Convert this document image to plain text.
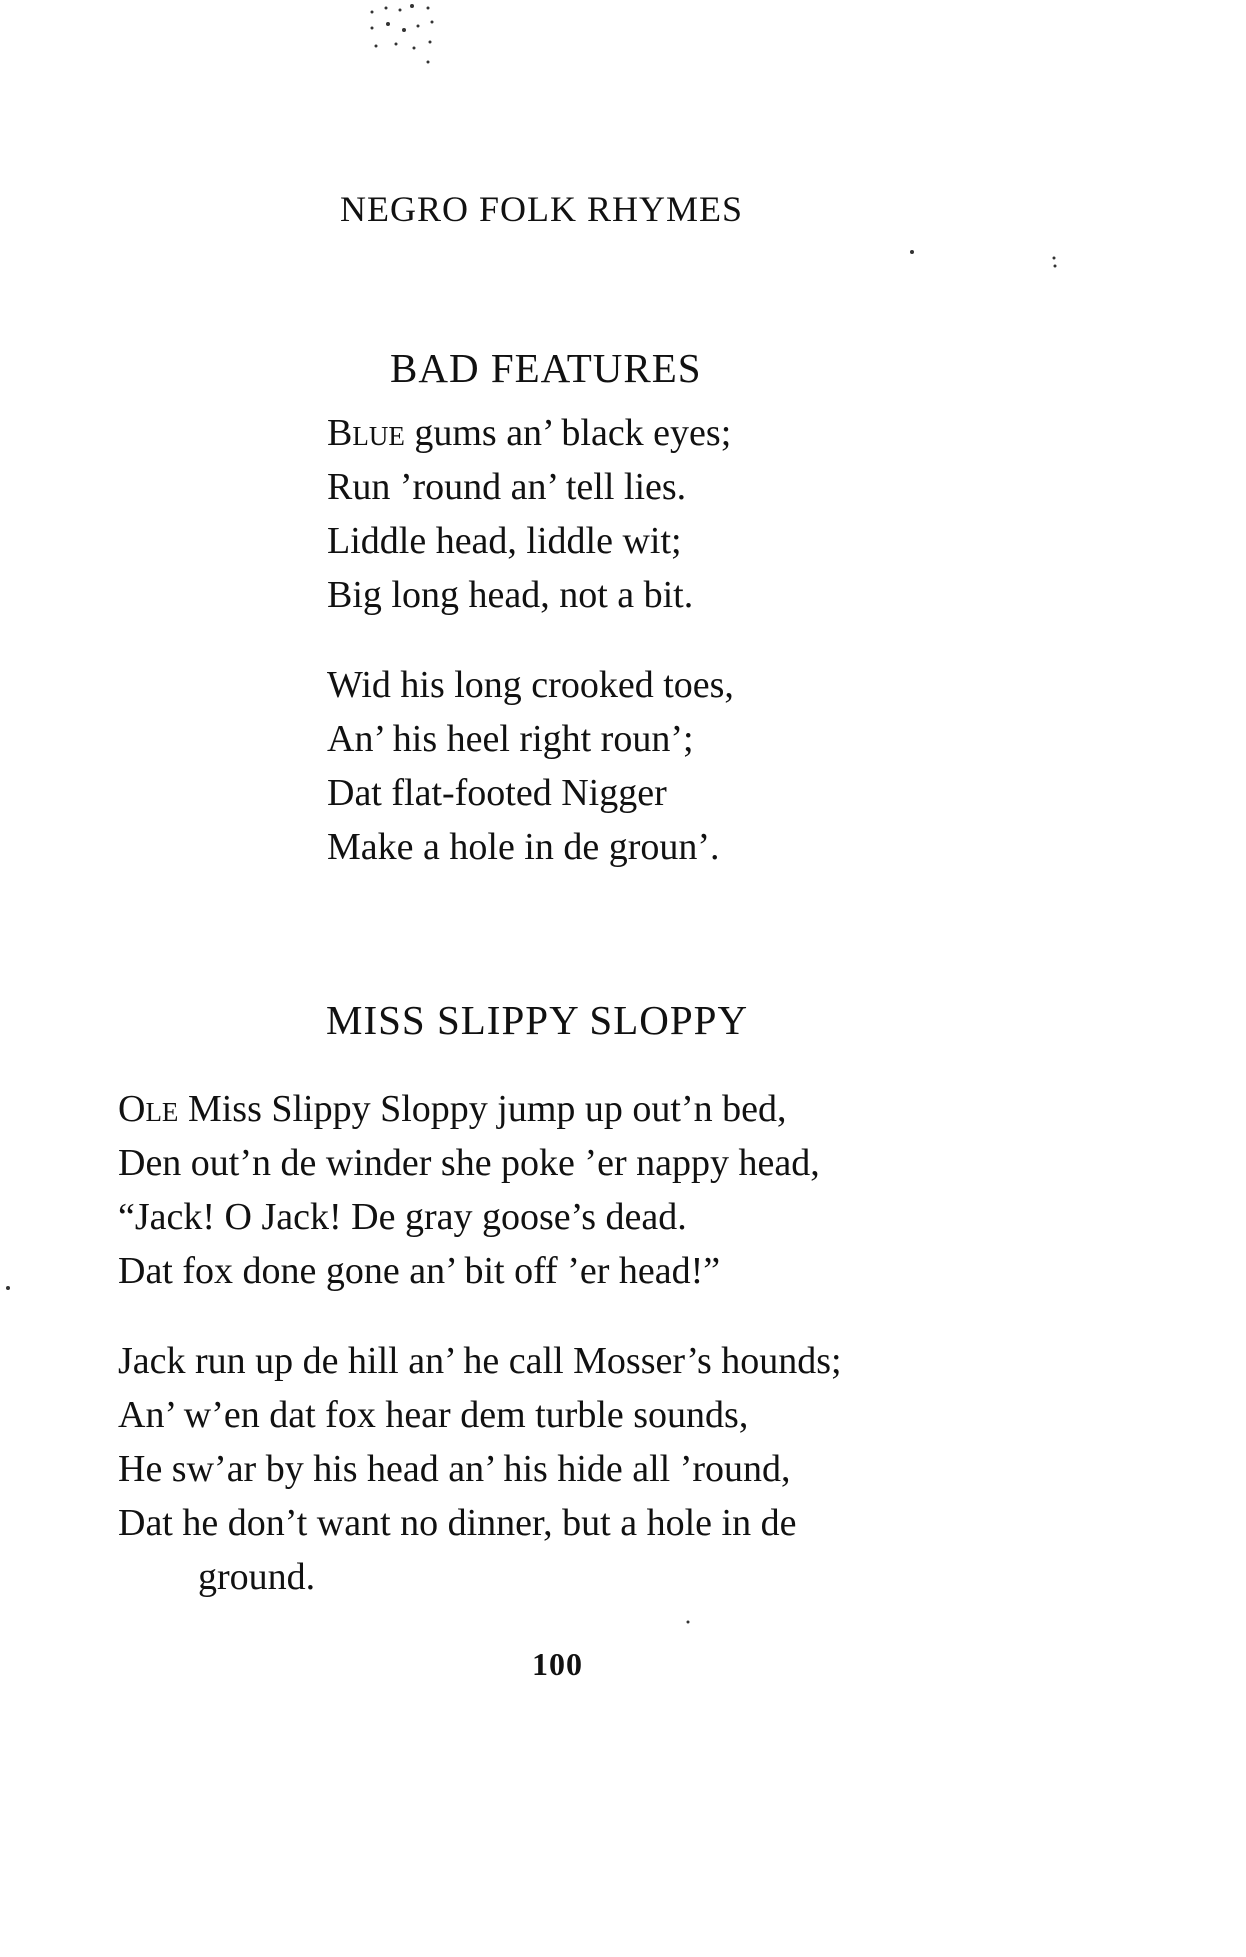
NEGRO FOLK RHYMES
BAD FEATURES
Blue gums an’ black eyes;
Run ’round an’ tell lies.
Liddle head, liddle wit;
Big long head, not a bit.
Wid his long crooked toes,
An’ his heel right roun’;
Dat flat-footed Nigger
Make a hole in de groun’.
MISS SLIPPY SLOPPY
Ole Miss Slippy Sloppy jump up out’n bed,
Den out’n de winder she poke ’er nappy head,
“Jack! O Jack! De gray goose’s dead.
Dat fox done gone an’ bit off ’er head!”
Jack run up de hill an’ he call Mosser’s hounds;
An’ w’en dat fox hear dem turble sounds,
He sw’ar by his head an’ his hide all ’round,
Dat he don’t want no dinner, but a hole in de
ground.
100
